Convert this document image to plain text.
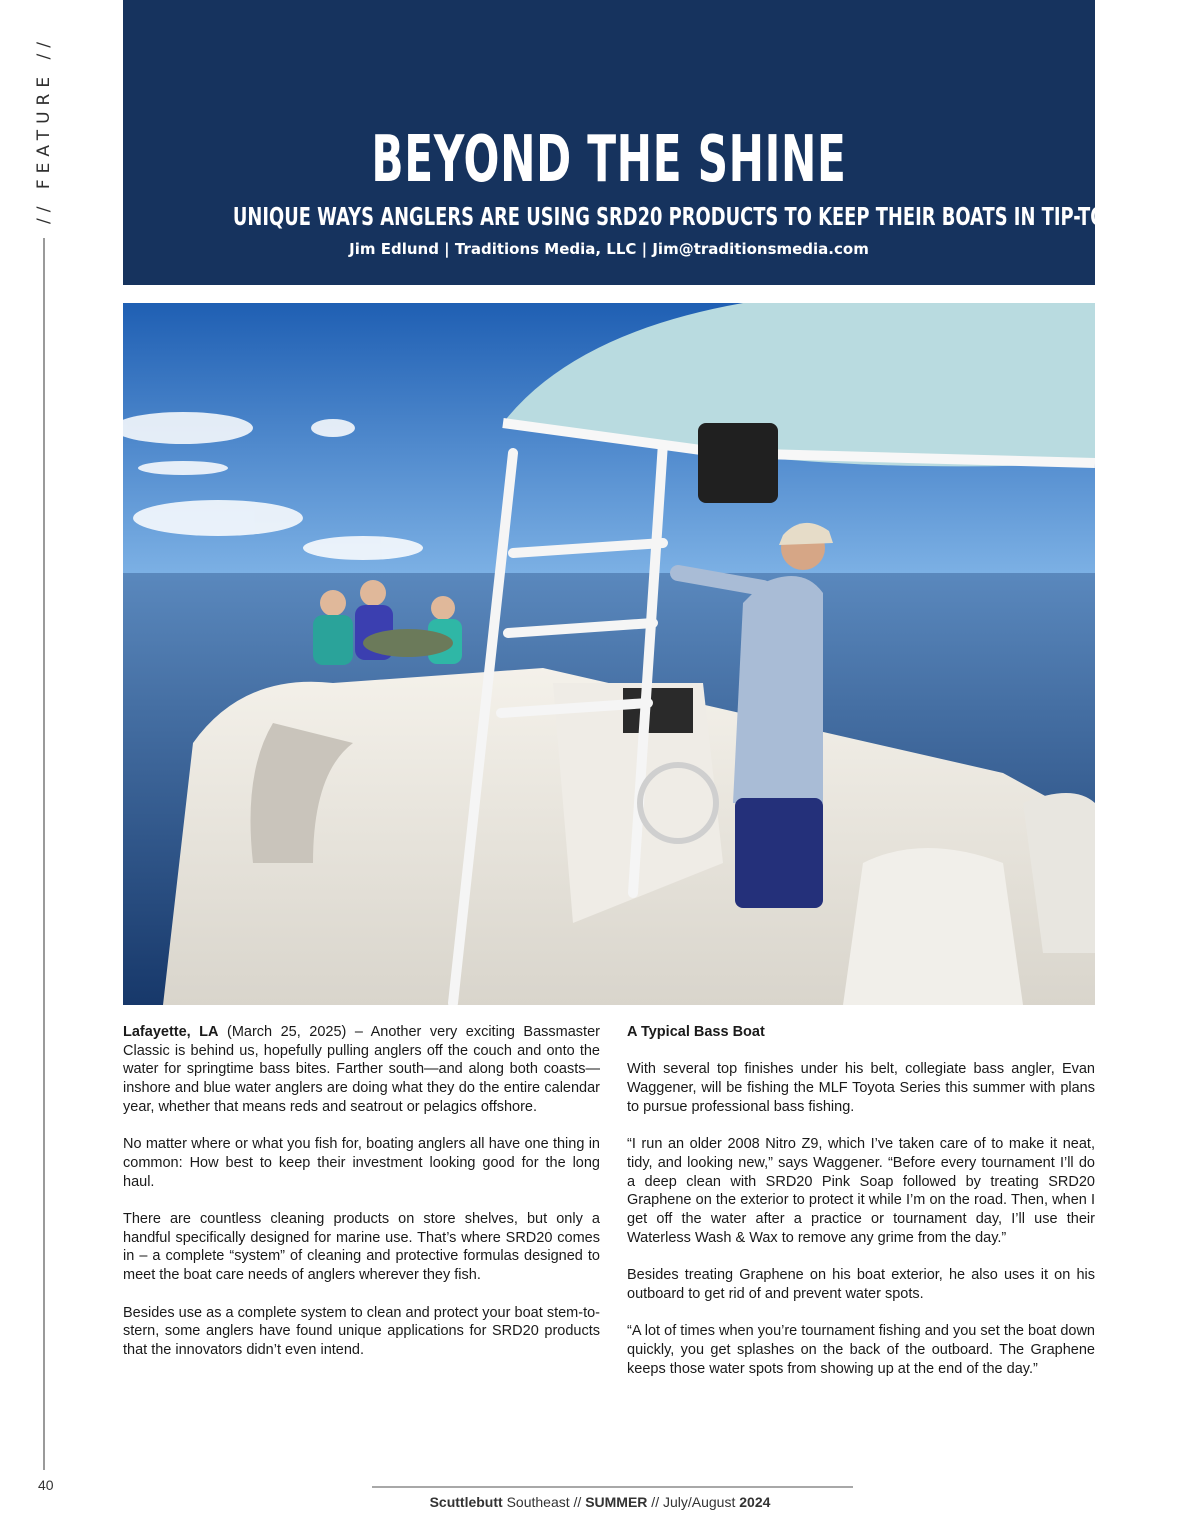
// FEATURE //
40
BEYOND THE SHINE
UNIQUE WAYS ANGLERS ARE USING SRD20 PRODUCTS TO KEEP THEIR BOATS IN TIP-TOP SHAPE
Jim Edlund | Traditions Media, LLC | Jim@traditionsmedia.com

Lafayette, LA (March 25, 2025) – Another very exciting Bassmaster Classic is behind us, hopefully pulling anglers off the couch and onto the water for springtime bass bites. Farther south—and along both coasts—inshore and blue water anglers are doing what they do the entire calendar year, whether that means reds and seatrout or pelagics offshore.

No matter where or what you fish for, boating anglers all have one thing in common: How best to keep their investment looking good for the long haul.

There are countless cleaning products on store shelves, but only a handful specifically designed for marine use. That’s where SRD20 comes in – a complete “system” of cleaning and protective formulas designed to meet the boat care needs of anglers wherever they fish.

Besides use as a complete system to clean and protect your boat stem-to-stern, some anglers have found unique applications for SRD20 products that the innovators didn’t even intend.

A Typical Bass Boat

With several top finishes under his belt, collegiate bass angler, Evan Waggener, will be fishing the MLF Toyota Series this summer with plans to pursue professional bass fishing.

“I run an older 2008 Nitro Z9, which I’ve taken care of to make it neat, tidy, and looking new,” says Waggener. “Before every tournament I’ll do a deep clean with SRD20 Pink Soap followed by treating SRD20 Graphene on the exterior to protect it while I’m on the road. Then, when I get off the water after a practice or tournament day, I’ll use their Waterless Wash & Wax to remove any grime from the day.”

Besides treating Graphene on his boat exterior, he also uses it on his outboard to get rid of and prevent water spots.

“A lot of times when you’re tournament fishing and you set the boat down quickly, you get splashes on the back of the outboard. The Graphene keeps those water spots from showing up at the end of the day.”

Scuttlebutt Southeast // SUMMER // July/August 2024
